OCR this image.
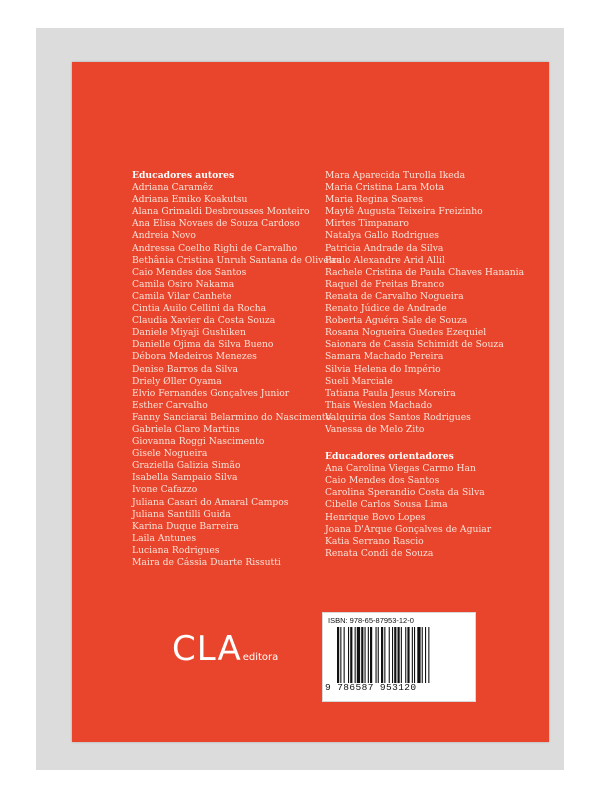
Educadores autores
Adriana Caramêz
Adriana Emiko Koakutsu
Alana Grimaldi Desbrousses Monteiro
Ana Elisa Novaes de Souza Cardoso
Andreia Novo
Andressa Coelho Righi de Carvalho
Bethânia Cristina Unruh Santana de Oliveira
Caio Mendes dos Santos
Camila Osiro Nakama
Camila Vilar Canhete
Cintia Auilo Cellini da Rocha
Claudia Xavier da Costa Souza
Daniele Miyaji Gushiken
Danielle Ojima da Silva Bueno
Débora Medeiros Menezes
Denise Barros da Silva
Driely Øller Oyama
Elvio Fernandes Gonçalves Junior
Esther Carvalho
Fanny Sanciarai Belarmino do Nascimento
Gabriela Claro Martins
Giovanna Roggi Nascimento
Gisele Nogueira
Graziella Galizia Simão
Isabella Sampaio Silva
Ivone Cafazzo
Juliana Casari do Amaral Campos
Juliana Santilli Guida
Karina Duque Barreira
Laila Antunes
Luciana Rodrigues
Maira de Cássia Duarte Rissutti
Mara Aparecida Turolla Ikeda
Maria Cristina Lara Mota
Maria Regina Soares
Maytê Augusta Teixeira Freizinho
Mirtes Timpanaro
Natalya Gallo Rodrigues
Patricia Andrade da Silva
Paulo Alexandre Arid Allil
Rachele Cristina de Paula Chaves Hanania
Raquel de Freitas Branco
Renata de Carvalho Nogueira
Renato Júdice de Andrade
Roberta Aguéra Sale de Souza
Rosana Nogueira Guedes Ezequiel
Saionara de Cassia Schimidt de Souza
Samara Machado Pereira
Silvia Helena do Império
Sueli Marciale
Tatiana Paula Jesus Moreira
Thais Weslen Machado
Valquiria dos Santos Rodrigues
Vanessa de Melo Zito
Educadores orientadores
Ana Carolina Viegas Carmo Han
Caio Mendes dos Santos
Carolina Sperandio Costa da Silva
Cibelle Carlos Sousa Lima
Henrique Bovo Lopes
Joana D'Arque Gonçalves de Aguiar
Katia Serrano Rascio
Renata Condi de Souza
CLA editora
ISBN: 978-65-87953-12-0
9 786587 953120
